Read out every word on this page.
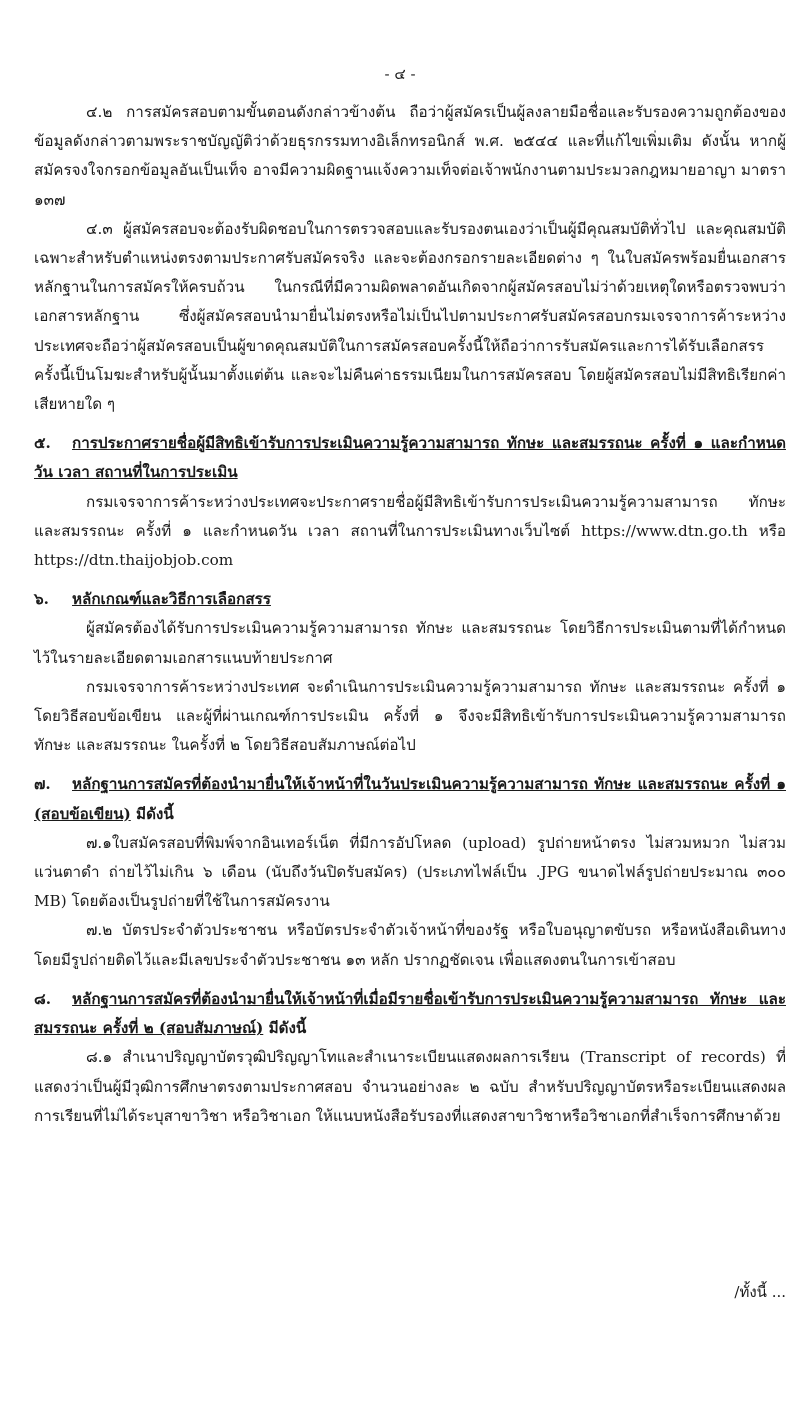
- ๔ -

๔.๒ การสมัครสอบตามขั้นตอนดังกล่าวข้างต้น ถือว่าผู้สมัครเป็นผู้ลงลายมือชื่อและรับรองความถูกต้องของข้อมูลดังกล่าวตามพระราชบัญญัติว่าด้วยธุรกรรมทางอิเล็กทรอนิกส์ พ.ศ. ๒๕๔๔ และที่แก้ไขเพิ่มเติม ดังนั้น หากผู้สมัครจงใจกรอกข้อมูลอันเป็นเท็จ อาจมีความผิดฐานแจ้งความเท็จต่อเจ้าพนักงานตามประมวลกฎหมายอาญา มาตรา ๑๓๗

๔.๓ ผู้สมัครสอบจะต้องรับผิดชอบในการตรวจสอบและรับรองตนเองว่าเป็นผู้มีคุณสมบัติทั่วไป และคุณสมบัติเฉพาะสำหรับตำแหน่งตรงตามประกาศรับสมัครจริง และจะต้องกรอกรายละเอียดต่าง ๆ ในใบสมัครพร้อมยื่นเอกสารหลักฐานในการสมัครให้ครบถ้วน ในกรณีที่มีความผิดพลาดอันเกิดจากผู้สมัครสอบไม่ว่าด้วยเหตุใดหรือตรวจพบว่าเอกสารหลักฐาน ซึ่งผู้สมัครสอบนำมายื่นไม่ตรงหรือไม่เป็นไปตามประกาศรับสมัครสอบกรมเจรจาการค้าระหว่างประเทศจะถือว่าผู้สมัครสอบเป็นผู้ขาดคุณสมบัติในการสมัครสอบครั้งนี้ให้ถือว่าการรับสมัครและการได้รับเลือกสรรครั้งนี้เป็นโมฆะสำหรับผู้นั้นมาตั้งแต่ต้น และจะไม่คืนค่าธรรมเนียมในการสมัครสอบ โดยผู้สมัครสอบไม่มีสิทธิเรียกค่าเสียหายใด ๆ

๕. การประกาศรายชื่อผู้มีสิทธิเข้ารับการประเมินความรู้ความสามารถ ทักษะ และสมรรถนะ ครั้งที่ ๑ และกำหนด วัน เวลา สถานที่ในการประเมิน

กรมเจรจาการค้าระหว่างประเทศจะประกาศรายชื่อผู้มีสิทธิเข้ารับการประเมินความรู้ความสามารถ ทักษะ และสมรรถนะ ครั้งที่ ๑ และกำหนดวัน เวลา สถานที่ในการประเมินทางเว็บไซต์ https://www.dtn.go.th หรือ https://dtn.thaijobjob.com

๖. หลักเกณฑ์และวิธีการเลือกสรร

ผู้สมัครต้องได้รับการประเมินความรู้ความสามารถ ทักษะ และสมรรถนะ โดยวิธีการประเมินตามที่ได้กำหนดไว้ในรายละเอียดตามเอกสารแนบท้ายประกาศ

กรมเจรจาการค้าระหว่างประเทศ จะดำเนินการประเมินความรู้ความสามารถ ทักษะ และสมรรถนะ ครั้งที่ ๑ โดยวิธีสอบข้อเขียน และผู้ที่ผ่านเกณฑ์การประเมิน ครั้งที่ ๑ จึงจะมีสิทธิเข้ารับการประเมินความรู้ความสามารถ ทักษะ และสมรรถนะ ในครั้งที่ ๒ โดยวิธีสอบสัมภาษณ์ต่อไป

๗. หลักฐานการสมัครที่ต้องนำมายื่นให้เจ้าหน้าที่ในวันประเมินความรู้ความสามารถ ทักษะ และสมรรถนะ ครั้งที่ ๑ (สอบข้อเขียน) มีดังนี้

๗.๑ใบสมัครสอบที่พิมพ์จากอินเทอร์เน็ต ที่มีการอัปโหลด (upload) รูปถ่ายหน้าตรง ไม่สวมหมวก ไม่สวมแว่นตาดำ ถ่ายไว้ไม่เกิน ๖ เดือน (นับถึงวันปิดรับสมัคร) (ประเภทไฟล์เป็น .JPG ขนาดไฟล์รูปถ่ายประมาณ ๓๐๐ MB) โดยต้องเป็นรูปถ่ายที่ใช้ในการสมัครงาน

๗.๒ บัตรประจำตัวประชาชน หรือบัตรประจำตัวเจ้าหน้าที่ของรัฐ หรือใบอนุญาตขับรถ หรือหนังสือเดินทาง โดยมีรูปถ่ายติดไว้และมีเลขประจำตัวประชาชน ๑๓ หลัก ปรากฏชัดเจน เพื่อแสดงตนในการเข้าสอบ

๘. หลักฐานการสมัครที่ต้องนำมายื่นให้เจ้าหน้าที่เมื่อมีรายชื่อเข้ารับการประเมินความรู้ความสามารถ ทักษะ และสมรรถนะ ครั้งที่ ๒ (สอบสัมภาษณ์) มีดังนี้

๘.๑ สำเนาปริญญาบัตรวุฒิปริญญาโทและสำเนาระเบียนแสดงผลการเรียน (Transcript of records) ที่แสดงว่าเป็นผู้มีวุฒิการศึกษาตรงตามประกาศสอบ จำนวนอย่างละ ๒ ฉบับ สำหรับปริญญาบัตรหรือระเบียนแสดงผลการเรียนที่ไม่ได้ระบุสาขาวิชา หรือวิชาเอก ให้แนบหนังสือรับรองที่แสดงสาขาวิชาหรือวิชาเอกที่สำเร็จการศึกษาด้วย

/ทั้งนี้ ...
